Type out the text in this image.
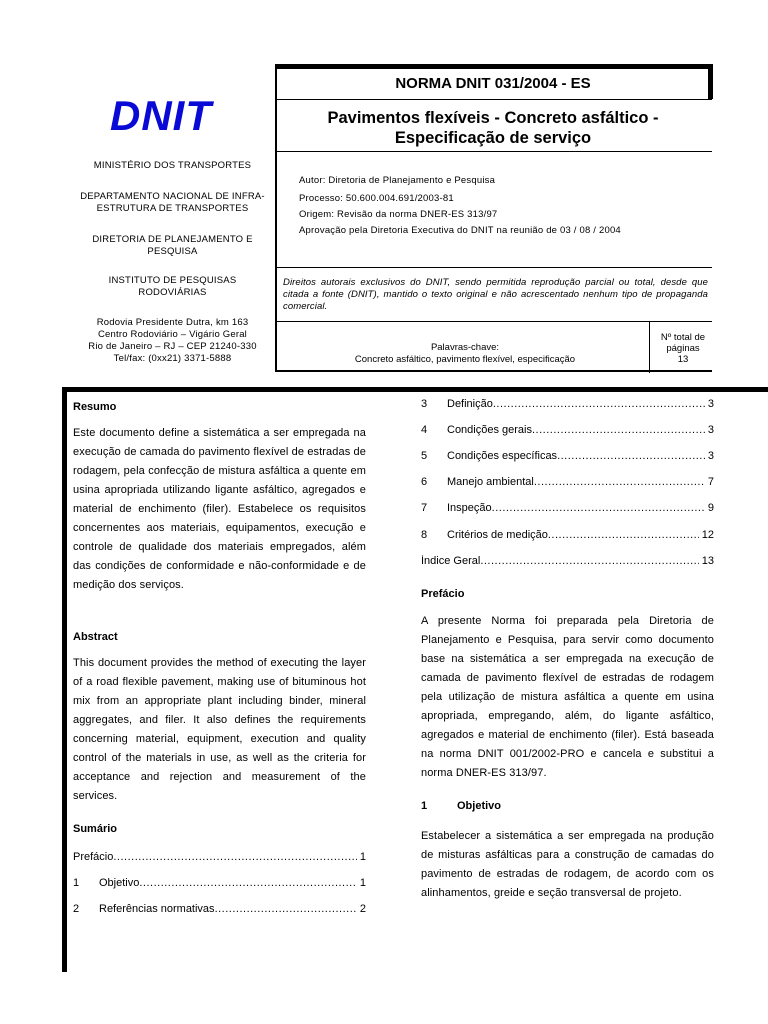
DNIT
MINISTÉRIO DOS TRANSPORTES
DEPARTAMENTO NACIONAL DE INFRA-
ESTRUTURA DE TRANSPORTES
DIRETORIA DE PLANEJAMENTO E
PESQUISA
INSTITUTO DE PESQUISAS
RODOVIÁRIAS
Rodovia Presidente Dutra, km 163
Centro Rodoviário – Vigário Geral
Rio de Janeiro – RJ – CEP 21240-330
Tel/fax: (0xx21) 3371-5888
NORMA DNIT 031/2004 - ES
Pavimentos flexíveis - Concreto asfáltico -
Especificação de serviço
Autor: Diretoria de Planejamento e Pesquisa
Processo: 50.600.004.691/2003-81
Origem: Revisão da norma DNER-ES 313/97
Aprovação pela Diretoria Executiva do DNIT na reunião de 03 / 08 / 2004
Direitos autorais exclusivos do DNIT, sendo permitida reprodução parcial ou total, desde que citada a fonte (DNIT), mantido o texto original e não acrescentado nenhum tipo de propaganda comercial.
Palavras-chave:
Concreto asfáltico, pavimento flexível, especificação
Nº total de páginas
13
Resumo
Este documento define a sistemática a ser empregada na execução de camada do pavimento flexível de estradas de rodagem, pela confecção de mistura asfáltica a quente em usina apropriada utilizando ligante asfáltico, agregados e material de enchimento (filer). Estabelece os requisitos concernentes aos materiais, equipamentos, execução e controle de qualidade dos materiais empregados, além das condições de conformidade e não-conformidade e de medição dos serviços.
Abstract
This document provides the method of executing the layer of a road flexible pavement, making use of bituminous hot mix from an appropriate plant including binder, mineral aggregates, and filer. It also defines the requirements concerning material, equipment, execution and quality control of the materials in use, as well as the criteria for acceptance and rejection and measurement of the services.
Sumário
Prefácio .....	1
1	Objetivo .....	1
2	Referências normativas .....	2
3	Definição .....	3
4	Condições gerais .....	3
5	Condições específicas .....	3
6	Manejo ambiental .....	7
7	Inspeção .....	9
8	Critérios de medição .....	12
Índice Geral .....	13
Prefácio
A presente Norma foi preparada pela Diretoria de Planejamento e Pesquisa, para servir como documento base na sistemática a ser empregada na execução de camada de pavimento flexível de estradas de rodagem pela utilização de mistura asfáltica a quente em usina apropriada, empregando, além, do ligante asfáltico, agregados e material de enchimento (filer). Está baseada na norma DNIT 001/2002-PRO e cancela e substitui a norma DNER-ES 313/97.
1	Objetivo
Estabelecer a sistemática a ser empregada na produção de misturas asfálticas para a construção de camadas do pavimento de estradas de rodagem, de acordo com os alinhamentos, greide e seção transversal de projeto.
